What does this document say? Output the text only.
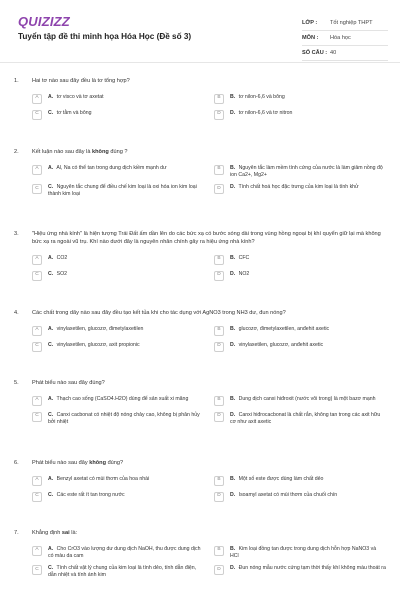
QUIZIZZ
Tuyển tập đề thi minh họa Hóa Học (Đề số 3)
LỚP :	Tốt nghiệp THPT
MÔN :	Hóa học
SỐ CÂU : 40
1.	Hai tơ nào sau đây đều là tơ tổng hợp?
A	A. tơ visco và tơ axetat	B	B. tơ nilon-6,6 và bông
C	C. tơ tằm và bông	D	D. tơ nilon-6,6 và tơ nitron
2.	Kết luận nào sau đây là không đúng ?
A	A. Al, Na có thể tan trong dung dịch kiềm mạnh dư	B	B. Nguyên tắc làm mềm tính cứng của nước là làm giảm nồng độ ion Ca2+, Mg2+
C	C. Nguyên tắc chung để điều chế kim loại là oxi hóa ion kim loại thành kim loại
D	D. Tính chất hoá học đặc trưng của kim loại là tính khử
3.	"Hiệu ứng nhà kính" là hiện tượng Trái Đất ấm dần lên do các bức xạ có bước sóng dài trong vùng hồng ngoại bị khí quyển giữ lại mà không bức xạ ra ngoài vũ trụ. Khí nào dưới đây là nguyên nhân chính gây ra hiệu ứng nhà kính?
A	A. CO2	B	B. CFC
C	C. SO2	D	D. NO2
4.	Các chất trong dãy nào sau đây đều tạo kết tủa khi cho tác dụng với AgNO3 trong NH3 dư, đun nóng?
A	A. vinylaxetilen, glucozơ, đimetylaxetilen	B	B. glucozơ, đimetylaxetilen, anđehit axetic
C	C. vinylaxetilen, glucozơ, axit propionic	D	D. vinylaxetilen, glucozơ, anđehit axetic
5.	Phát biểu nào sau đây đúng?
A	A. Thạch cao sống (CaSO4.H2O) dùng để sản xuất xi măng	B	B. Dung dịch canxi hiđroxit (nước vôi trong) là một bazơ mạnh
C	C. Canxi cacbonat có nhiệt độ nóng chảy cao, không bị phân hủy bởi nhiệt
D	D. Canxi hiđrocacbonat là chất rắn, không tan trong các axit hữu cơ như axit axetic
6.	Phát biểu nào sau đây không đúng?
A	A. Benzyl axetat có mùi thơm của hoa nhài	B	B. Một số este được dùng làm chất dẻo
C	C. Các este rất ít tan trong nước	D	D. Isoamyl axetat có mùi thơm của chuối chín
7.	Khẳng định sai là:
A	A. Cho CrO3 vào lượng dư dung dịch NaOH, thu được dung dịch có màu da cam
B	B. Kim loại đồng tan được trong dung dịch hỗn hợp NaNO3 và HCl
C	C. Tính chất vật lý chung của kim loại là tính dẻo, tính dẫn điện, dẫn nhiệt và tính ánh kim
D	D. Đun nóng mẫu nước cứng tạm thời thấy khí không màu thoát ra
